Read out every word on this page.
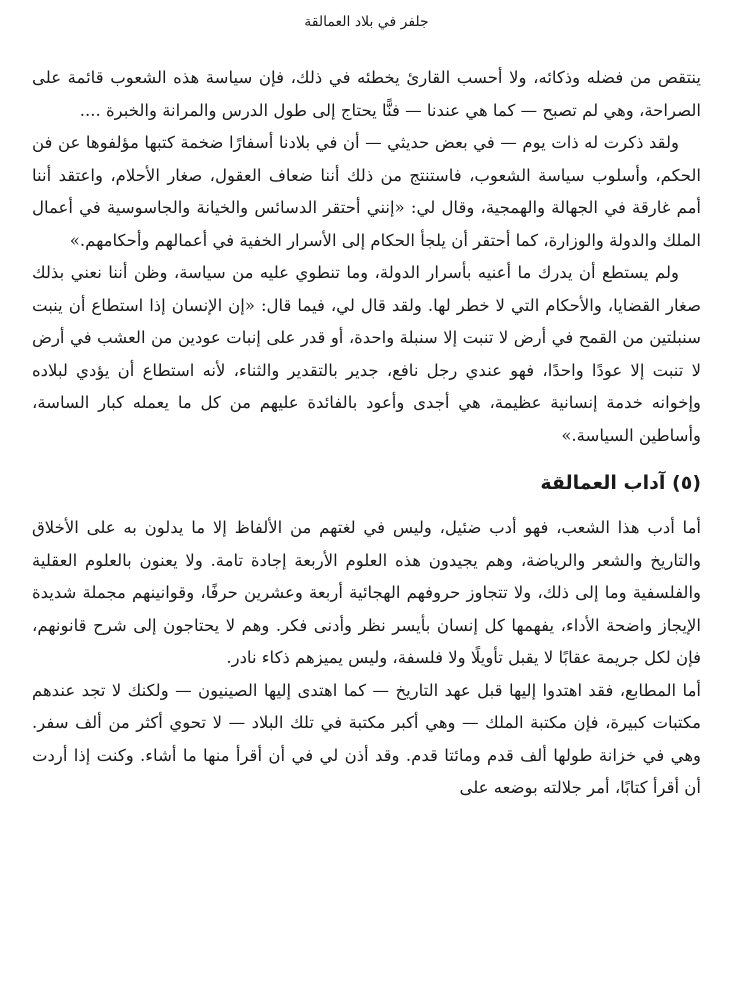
جلفر في بلاد العمالقة

ينتقص من فضله وذكائه، ولا أحسب القارئ يخطئه في ذلك، فإن سياسة هذه الشعوب قائمة على الصراحة، وهي لم تصبح — كما هي عندنا — فنًّا يحتاج إلى طول الدرس والمرانة والخبرة ....

ولقد ذكرت له ذات يوم — في بعض حديثي — أن في بلادنا أسفارًا ضخمة كتبها مؤلفوها عن فن الحكم، وأسلوب سياسة الشعوب، فاستنتج من ذلك أننا ضعاف العقول، صغار الأحلام، واعتقد أننا أمم غارقة في الجهالة والهمجية، وقال لي: «إنني أحتقر الدسائس والخيانة والجاسوسية في أعمال الملك والدولة والوزارة، كما أحتقر أن يلجأ الحكام إلى الأسرار الخفية في أعمالهم وأحكامهم.»

ولم يستطع أن يدرك ما أعنيه بأسرار الدولة، وما تنطوي عليه من سياسة، وظن أننا نعني بذلك صغار القضايا، والأحكام التي لا خطر لها. ولقد قال لي، فيما قال: «إن الإنسان إذا استطاع أن ينبت سنبلتين من القمح في أرض لا تنبت إلا سنبلة واحدة، أو قدر على إنبات عودين من العشب في أرض لا تنبت إلا عودًا واحدًا، فهو عندي رجل نافع، جدير بالتقدير والثناء، لأنه استطاع أن يؤدي لبلاده وإخوانه خدمة إنسانية عظيمة، هي أجدى وأعود بالفائدة عليهم من كل ما يعمله كبار الساسة، وأساطين السياسة.»

(٥) آداب العمالقة

أما أدب هذا الشعب، فهو أدب ضئيل، وليس في لغتهم من الألفاظ إلا ما يدلون به على الأخلاق والتاريخ والشعر والرياضة، وهم يجيدون هذه العلوم الأربعة إجادة تامة. ولا يعنون بالعلوم العقلية والفلسفية وما إلى ذلك، ولا تتجاوز حروفهم الهجائية أربعة وعشرين حرفًا، وقوانينهم مجملة شديدة الإيجاز واضحة الأداء، يفهمها كل إنسان بأيسر نظر وأدنى فكر. وهم لا يحتاجون إلى شرح قانونهم، فإن لكل جريمة عقابًا لا يقبل تأويلًا ولا فلسفة، وليس يميزهم ذكاء نادر.

أما المطابع، فقد اهتدوا إليها قبل عهد التاريخ — كما اهتدى إليها الصينيون — ولكنك لا تجد عندهم مكتبات كبيرة، فإن مكتبة الملك — وهي أكبر مكتبة في تلك البلاد — لا تحوي أكثر من ألف سفر. وهي في خزانة طولها ألف قدم ومائتا قدم. وقد أذن لي في أن أقرأ منها ما أشاء. وكنت إذا أردت أن أقرأ كتابًا، أمر جلالته بوضعه على
